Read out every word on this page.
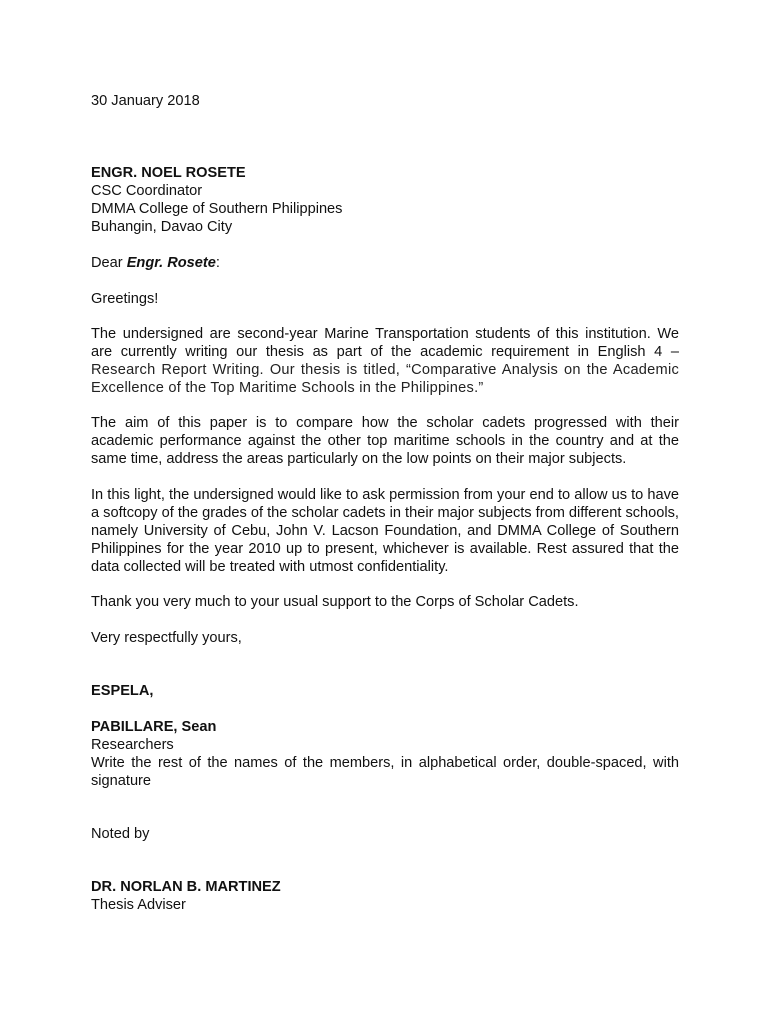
30 January 2018

ENGR. NOEL ROSETE

CSC Coordinator

DMMA College of Southern Philippines

Buhangin, Davao City

Dear Engr. Rosete:

Greetings!

The undersigned are second-year Marine Transportation students of this institution. We

are currently writing our thesis as part of the academic requirement in English 4 –

Research Report Writing. Our thesis is titled, “Comparative Analysis on the Academic

Excellence of the Top Maritime Schools in the Philippines.”

The aim of this paper is to compare how the scholar cadets progressed with their academic performance against the other top maritime schools in the country and at the same time, address the areas particularly on the low points on their major subjects.

In this light, the undersigned would like to ask permission from your end to allow us to have a softcopy of the grades of the scholar cadets in their major subjects from different schools, namely University of Cebu, John V. Lacson Foundation, and DMMA College of Southern Philippines for the year 2010 up to present, whichever is available. Rest assured that the data collected will be treated with utmost confidentiality.

Thank you very much to your usual support to the Corps of Scholar Cadets.

Very respectfully yours,

ESPELA,

PABILLARE, Sean

Researchers

Write the rest of the names of the members, in alphabetical order, double-spaced, with signature

Noted by

DR. NORLAN B. MARTINEZ

Thesis Adviser
